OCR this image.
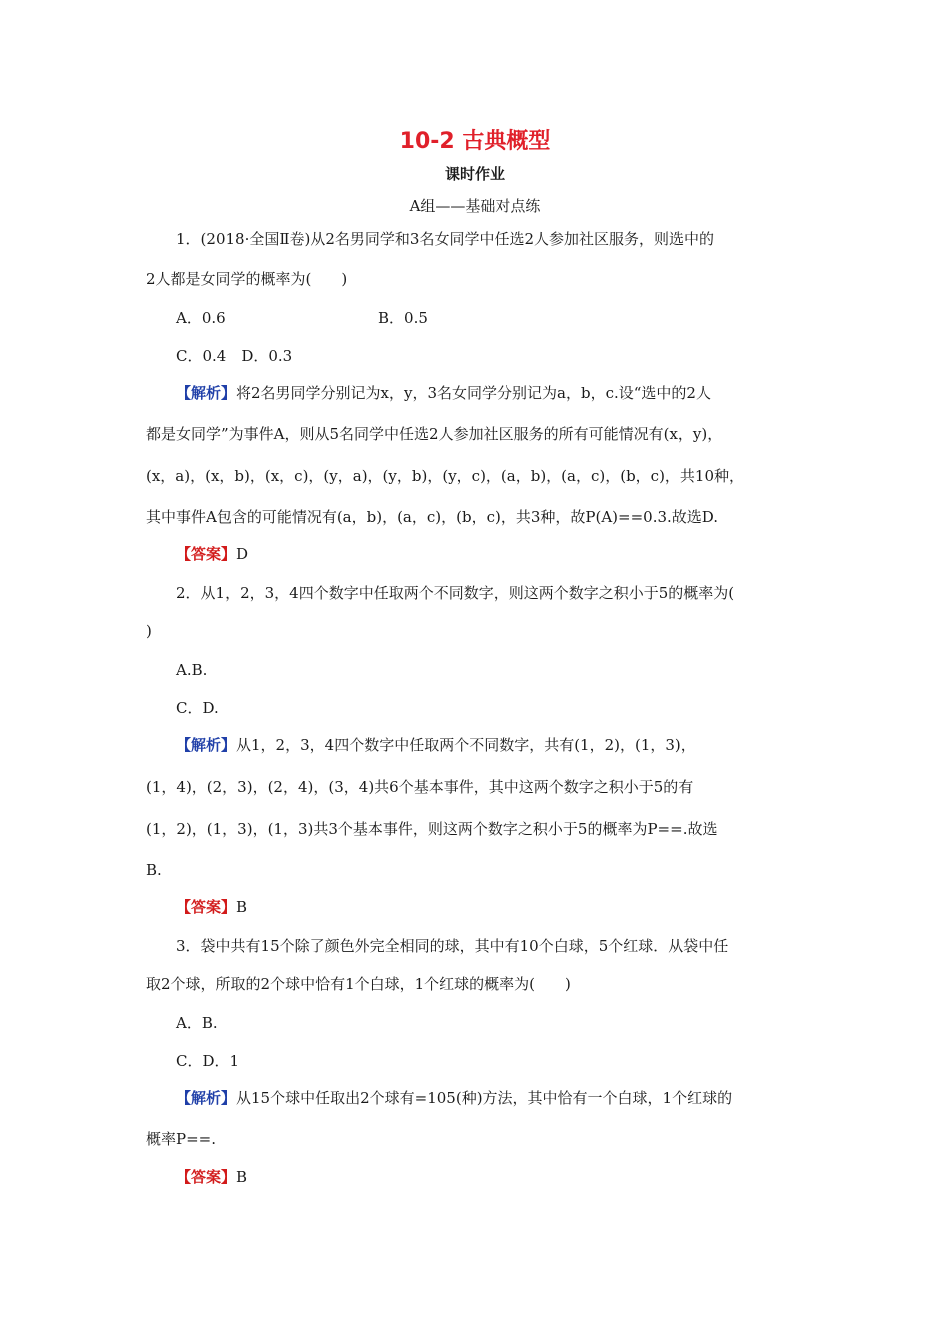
10-2 古典概型
课时作业
A组——基础对点练
1．(2018·全国Ⅱ卷)从2名男同学和3名女同学中任选2人参加社区服务，则选中的
2人都是女同学的概率为(　　)
A．0.6	B．0.5
C．0.4　D．0.3
【解析】将2名男同学分别记为x，y，3名女同学分别记为a，b，c.设“选中的2人
都是女同学”为事件A，则从5名同学中任选2人参加社区服务的所有可能情况有(x，y)，
(x，a)，(x，b)，(x，c)，(y，a)，(y，b)，(y，c)，(a，b)，(a，c)，(b，c)，共10种，
其中事件A包含的可能情况有(a，b)，(a，c)，(b，c)，共3种，故P(A)==0.3.故选D.
【答案】D
2．从1，2，3，4四个数字中任取两个不同数字，则这两个数字之积小于5的概率为(
)
A.B.
C．D.
【解析】从1，2，3，4四个数字中任取两个不同数字，共有(1，2)，(1，3)，
(1，4)，(2，3)，(2，4)，(3，4)共6个基本事件，其中这两个数字之积小于5的有
(1，2)，(1，3)，(1，3)共3个基本事件，则这两个数字之积小于5的概率为P==.故选
B.
【答案】B
3．袋中共有15个除了颜色外完全相同的球，其中有10个白球，5个红球．从袋中任
取2个球，所取的2个球中恰有1个白球，1个红球的概率为(　　)
A．B.
C．D．1
【解析】从15个球中任取出2个球有=105(种)方法，其中恰有一个白球，1个红球的
概率P==.
【答案】B
